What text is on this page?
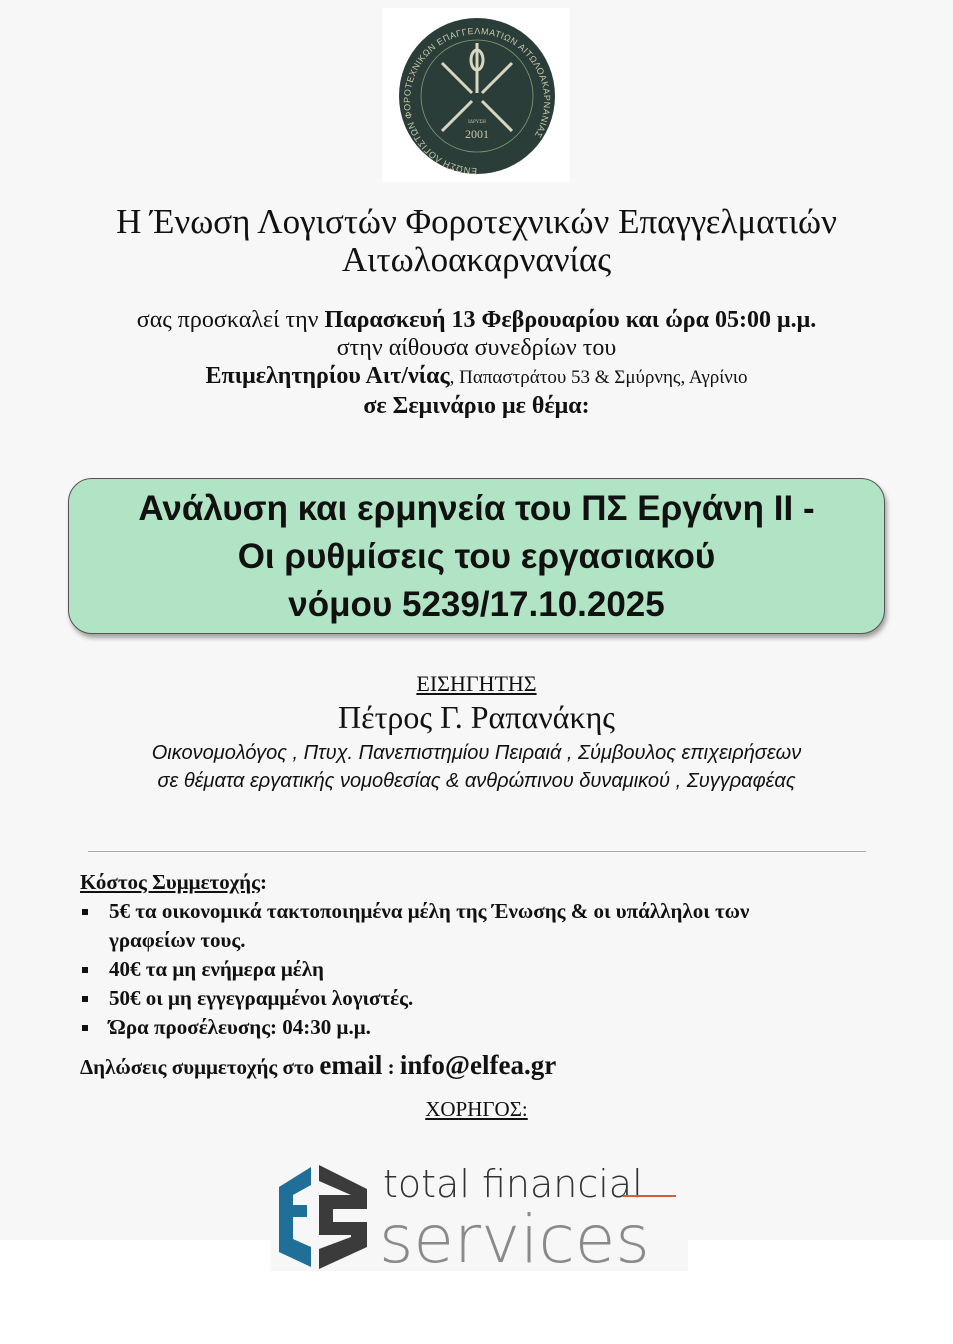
ΕΝΩΣΗ ΛΟΓΙΣΤΩΝ ΦΟΡΟΤΕΧΝΙΚΩΝ ΕΠΑΓΓΕΛΜΑΤΙΩΝ ΑΙΤΩΛΟΑΚΑΡΝΑΝΙΑΣ
ΙΔΡΥΣΗ
2001
Η Ένωση Λογιστών Φοροτεχνικών Επαγγελματιών
Αιτωλοακαρνανίας
σας προσκαλεί την Παρασκευή 13 Φεβρουαρίου και ώρα 05:00 μ.μ.
στην αίθουσα συνεδρίων του
Επιμελητηρίου Αιτ/νίας, Παπαστράτου 53 & Σμύρνης, Αγρίνιο
σε Σεμινάριο με θέμα:
Ανάλυση και ερμηνεία του ΠΣ Εργάνη ΙΙ -
Οι ρυθμίσεις του εργασιακού
νόμου 5239/17.10.2025
ΕΙΣΗΓΗΤΗΣ
Πέτρος Γ. Ραπανάκης
Οικονομολόγος , Πτυχ. Πανεπιστημίου Πειραιά , Σύμβουλος επιχειρήσεων
σε θέματα εργατικής νομοθεσίας & ανθρώπινου δυναμικού , Συγγραφέας
Κόστος Συμμετοχής:
5€ τα οικονομικά τακτοποιημένα μέλη της Ένωσης & οι υπάλληλοι των γραφείων τους.
40€ τα μη ενήμερα μέλη
50€ οι μη εγγεγραμμένοι λογιστές.
Ώρα προσέλευσης: 04:30 μ.μ.
Δηλώσεις συμμετοχής στο email : info@elfea.gr
ΧΟΡΗΓΟΣ:
total financial
services
